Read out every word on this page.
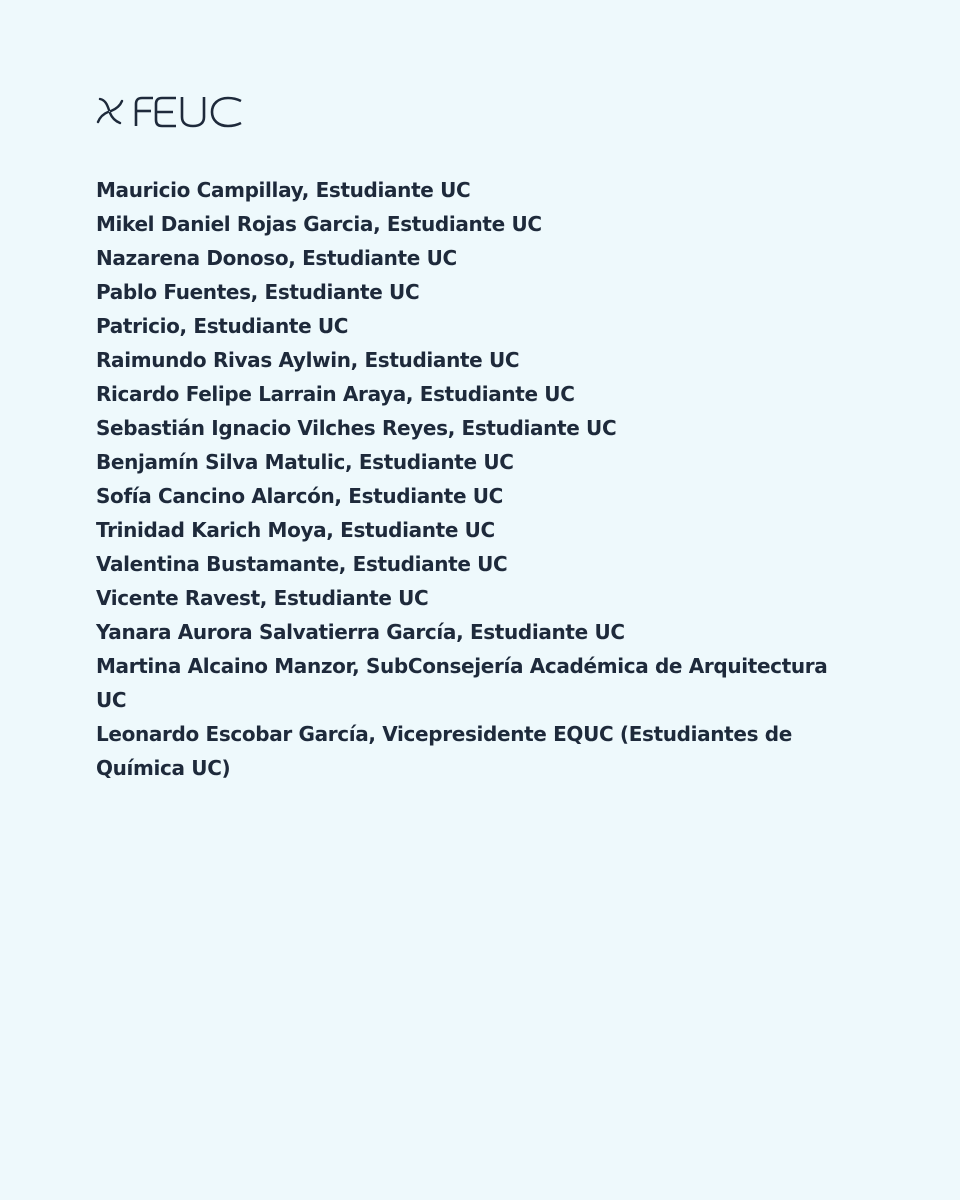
Mauricio Campillay, Estudiante UC
Mikel Daniel Rojas Garcia, Estudiante UC
Nazarena Donoso, Estudiante UC
Pablo Fuentes, Estudiante UC
Patricio, Estudiante UC
Raimundo Rivas Aylwin, Estudiante UC
Ricardo Felipe Larrain Araya, Estudiante UC
Sebastián Ignacio Vilches Reyes, Estudiante UC
Benjamín Silva Matulic, Estudiante UC
Sofía Cancino Alarcón, Estudiante UC
Trinidad Karich Moya, Estudiante UC
Valentina Bustamante, Estudiante UC
Vicente Ravest, Estudiante UC
Yanara Aurora Salvatierra García, Estudiante UC
Martina Alcaino Manzor, SubConsejería Académica de Arquitectura UC
Leonardo Escobar García, Vicepresidente EQUC (Estudiantes de Química UC)
